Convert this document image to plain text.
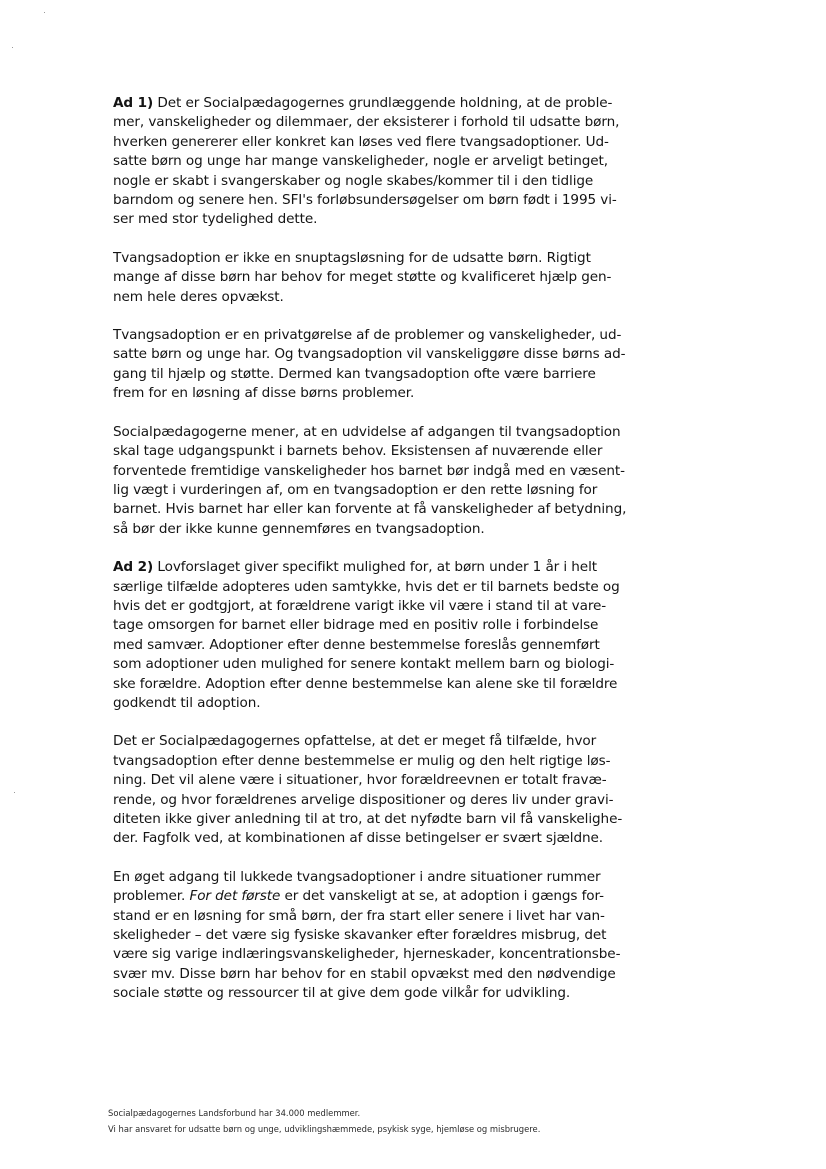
Ad 1) Det er Socialpædagogernes grundlæggende holdning, at de proble-
mer, vanskeligheder og dilemmaer, der eksisterer i forhold til udsatte børn,
hverken genererer eller konkret kan løses ved flere tvangsadoptioner. Ud-
satte børn og unge har mange vanskeligheder, nogle er arveligt betinget,
nogle er skabt i svangerskaber og nogle skabes/kommer til i den tidlige
barndom og senere hen. SFI's forløbsundersøgelser om børn født i 1995 vi-
ser med stor tydelighed dette.

Tvangsadoption er ikke en snuptagsløsning for de udsatte børn. Rigtigt
mange af disse børn har behov for meget støtte og kvalificeret hjælp gen-
nem hele deres opvækst.

Tvangsadoption er en privatgørelse af de problemer og vanskeligheder, ud-
satte børn og unge har. Og tvangsadoption vil vanskeliggøre disse børns ad-
gang til hjælp og støtte. Dermed kan tvangsadoption ofte være barriere
frem for en løsning af disse børns problemer.

Socialpædagogerne mener, at en udvidelse af adgangen til tvangsadoption
skal tage udgangspunkt i barnets behov. Eksistensen af nuværende eller
forventede fremtidige vanskeligheder hos barnet bør indgå med en væsent-
lig vægt i vurderingen af, om en tvangsadoption er den rette løsning for
barnet. Hvis barnet har eller kan forvente at få vanskeligheder af betydning,
så bør der ikke kunne gennemføres en tvangsadoption.

Ad 2) Lovforslaget giver specifikt mulighed for, at børn under 1 år i helt
særlige tilfælde adopteres uden samtykke, hvis det er til barnets bedste og
hvis det er godtgjort, at forældrene varigt ikke vil være i stand til at vare-
tage omsorgen for barnet eller bidrage med en positiv rolle i forbindelse
med samvær. Adoptioner efter denne bestemmelse foreslås gennemført
som adoptioner uden mulighed for senere kontakt mellem barn og biologi-
ske forældre. Adoption efter denne bestemmelse kan alene ske til forældre
godkendt til adoption.

Det er Socialpædagogernes opfattelse, at det er meget få tilfælde, hvor
tvangsadoption efter denne bestemmelse er mulig og den helt rigtige løs-
ning. Det vil alene være i situationer, hvor forældreevnen er totalt fravæ-
rende, og hvor forældrenes arvelige dispositioner og deres liv under gravi-
diteten ikke giver anledning til at tro, at det nyfødte barn vil få vanskelighe-
der. Fagfolk ved, at kombinationen af disse betingelser er svært sjældne.

En øget adgang til lukkede tvangsadoptioner i andre situationer rummer
problemer. For det første er det vanskeligt at se, at adoption i gængs for-
stand er en løsning for små børn, der fra start eller senere i livet har van-
skeligheder – det være sig fysiske skavanker efter forældres misbrug, det
være sig varige indlæringsvanskeligheder, hjerneskader, koncentrationsbe-
svær mv. Disse børn har behov for en stabil opvækst med den nødvendige
sociale støtte og ressourcer til at give dem gode vilkår for udvikling.

Socialpædagogernes Landsforbund har 34.000 medlemmer.
Vi har ansvaret for udsatte børn og unge, udviklingshæmmede, psykisk syge, hjemløse og misbrugere.
